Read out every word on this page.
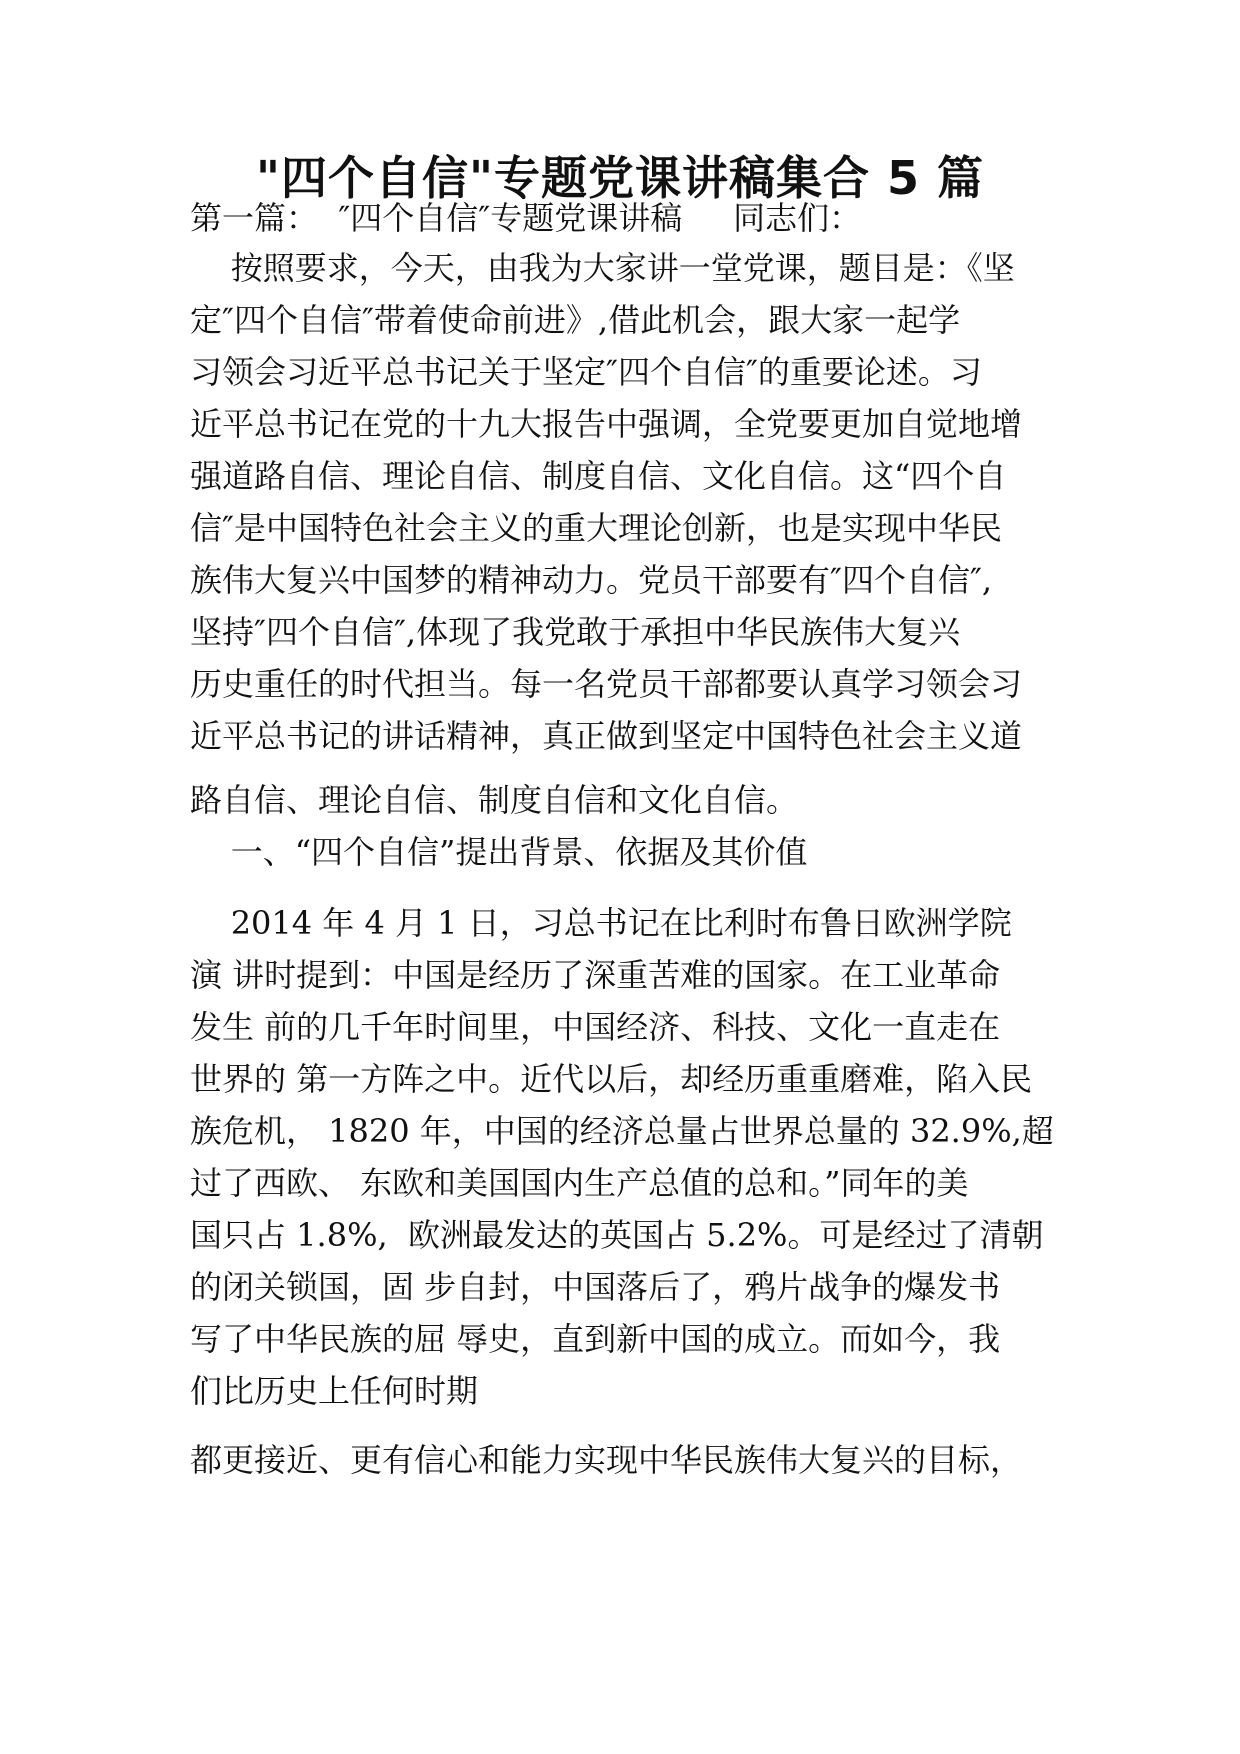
"四个自信"专题党课讲稿集合 5 篇
第一篇：  ″四个自信″专题党课讲稿     同志们：
按照要求，今天，由我为大家讲一堂党课，题目是：《坚
定″四个自信″带着使命前进》,借此机会，跟大家一起学
习领会习近平总书记关于坚定″四个自信″的重要论述。习
近平总书记在党的十九大报告中强调，全党要更加自觉地增
强道路自信、理论自信、制度自信、文化自信。这“四个自
信″是中国特色社会主义的重大理论创新，也是实现中华民
族伟大复兴中国梦的精神动力。党员干部要有″四个自信″,
坚持″四个自信″,体现了我党敢于承担中华民族伟大复兴
历史重任的时代担当。每一名党员干部都要认真学习领会习
近平总书记的讲话精神，真正做到坚定中国特色社会主义道
路自信、理论自信、制度自信和文化自信。
一、“四个自信”提出背景、依据及其价值
2014 年 4 月 1 日，习总书记在比利时布鲁日欧洲学院
演 讲时提到：中国是经历了深重苦难的国家。在工业革命
发生 前的几千年时间里，中国经济、科技、文化一直走在
世界的 第一方阵之中。近代以后，却经历重重磨难，陷入民
族危机， 1820 年，中国的经济总量占世界总量的 32.9%,超
过了西欧、 东欧和美国国内生产总值的总和。”同年的美
国只占 1.8%,  欧洲最发达的英国占 5.2%。可是经过了清朝
的闭关锁国，固 步自封，中国落后了，鸦片战争的爆发书
写了中华民族的屈 辱史，直到新中国的成立。而如今，我
们比历史上任何时期
都更接近、更有信心和能力实现中华民族伟大复兴的目标，
